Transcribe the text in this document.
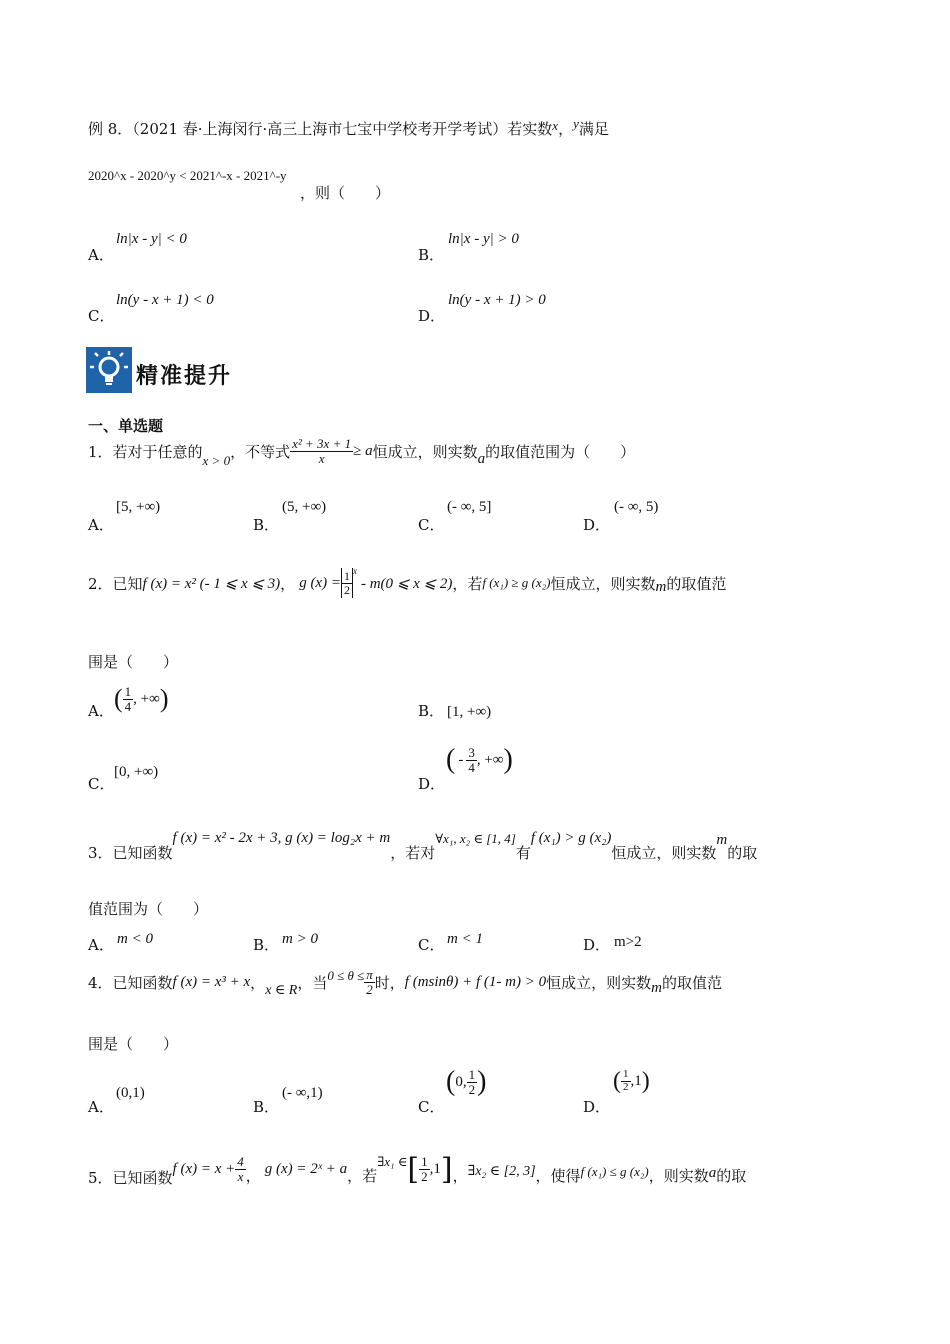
例 8．（2021 春·上海闵行·高三上海市七宝中学校考开学考试）若实数x，y满足
2020^x - 2020^y < 2021^-x - 2021^-y
，则（　　）
A．
ln|x - y| < 0
B．
ln|x - y| > 0
C．
ln(y - x + 1) < 0
D．
ln(y - x + 1) > 0
精准提升
一、单选题
1．若对于任意的 x > 0 ，不等式 $\frac{\text{x² + 3x + 1}}{x} \ge a$ 恒成立，则实数 a 的取值范围为（　　）
A．
[5, +∞)
B．
(5, +∞)
C．
(- ∞, 5]
D．
(- ∞, 5)
2．已知 f (x) = x² (- 1 ⩽ x ⩽ 3) ， g $(x) = \frac{1}{2}^x$
- m(0 ⩽ x ⩽ 2) ，若 f (x₁) ≥ g (x₂) 恒成立，则实数 m 的取值范
围是（　　）
A． ( $\frac{1}{4}$ , +∞ )	B． [1, +∞)
C．
[0, +∞)
D．
( - $\frac{3}{4}$ , +∞ )
3．已知函数
f (x) = x² - 2x + 3, g (x) = log₂x + m
，若对
∀x₁, x₂ ∈ [1, 4]
有
f (x₁) > g (x₂)
恒成立，则实数
m
的取
值范围为（　　）
A． m < 0	B． m > 0	C． m < 1	D． m>2
4．已知函数 f (x) = x³ + x ， x ∈ R ，当 $0 \le \theta \le \frac{\pi}{2}$ 时， f (msinθ) + f (1- m) > 0 恒成立，则实数 m 的取值范
围是（　　）
A．
(0,1)
B．
(- ∞,1)
C．
( 0, $\frac{1}{2}$ )
D．
( $\frac{1}{2} ,1$ )
5．已知函数 f $(x) = x + \frac{4}{x}$ ， g (x) = 2ˣ + a ，若
∃x₁ ∈ [ $\frac{1}{2} ,1$ ] ， ∃x₂ ∈ [2, 3] ，使得 f (x₁) ≤ g (x₂) ，则实数 a 的取
